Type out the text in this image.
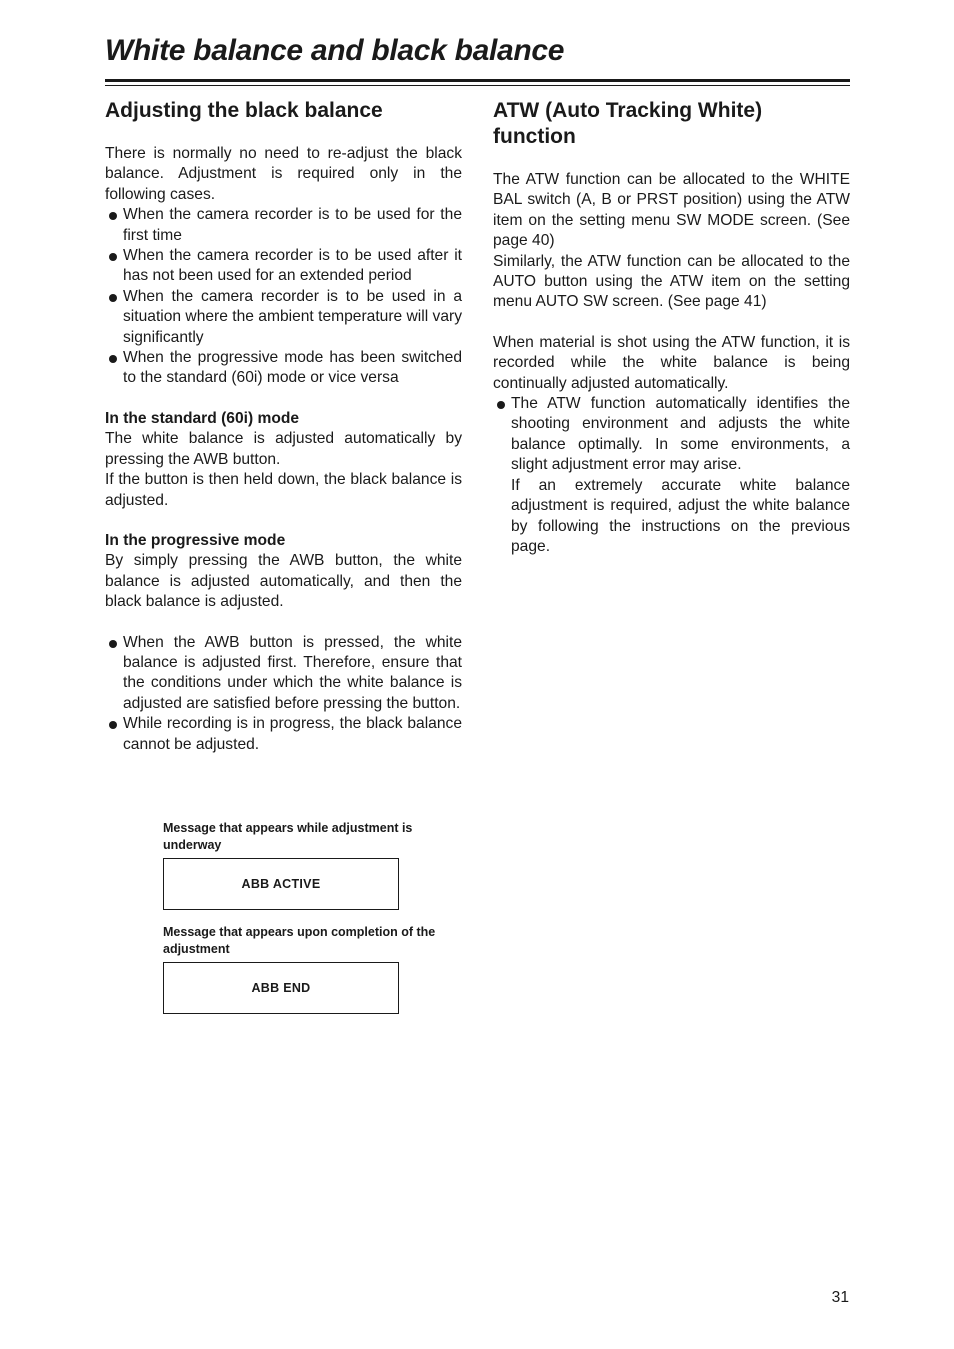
White balance and black balance
Adjusting the black balance

There is normally no need to re-adjust the black balance. Adjustment is required only in the following cases.

When the camera recorder is to be used for the first time
When the camera recorder is to be used after it has not been used for an extended period
When the camera recorder is to be used in a situation where the ambient temperature will vary significantly
When the progressive mode has been switched to the standard (60i) mode or vice versa
In the standard (60i) mode

The white balance is adjusted automatically by pressing the AWB button.

If the button is then held down, the black balance is adjusted.

In the progressive mode

By simply pressing the AWB button, the white balance is adjusted automatically, and then the black balance is adjusted.

When the AWB button is pressed, the white balance is adjusted first. Therefore, ensure that the conditions under which the white balance is adjusted are satisfied before pressing the button.
While recording is in progress, the black balance cannot be adjusted.

Message that appears while adjustment is underway

ABB ACTIVE

Message that appears upon completion of the adjustment

ABB END
ATW (Auto Tracking White) function

The ATW function can be allocated to the WHITE BAL switch (A, B or PRST position) using the ATW item on the setting menu SW MODE screen. (See page 40)

Similarly, the ATW function can be allocated to the AUTO button using the ATW item on the setting menu AUTO SW screen. (See page 41)

When material is shot using the ATW function, it is recorded while the white balance is being continually adjusted automatically.

The ATW function automatically identifies the shooting environment and adjusts the white balance optimally. In some environments, a slight adjustment error may arise.
If an extremely accurate white balance adjustment is required, adjust the white balance by following the instructions on the previous page.
31
